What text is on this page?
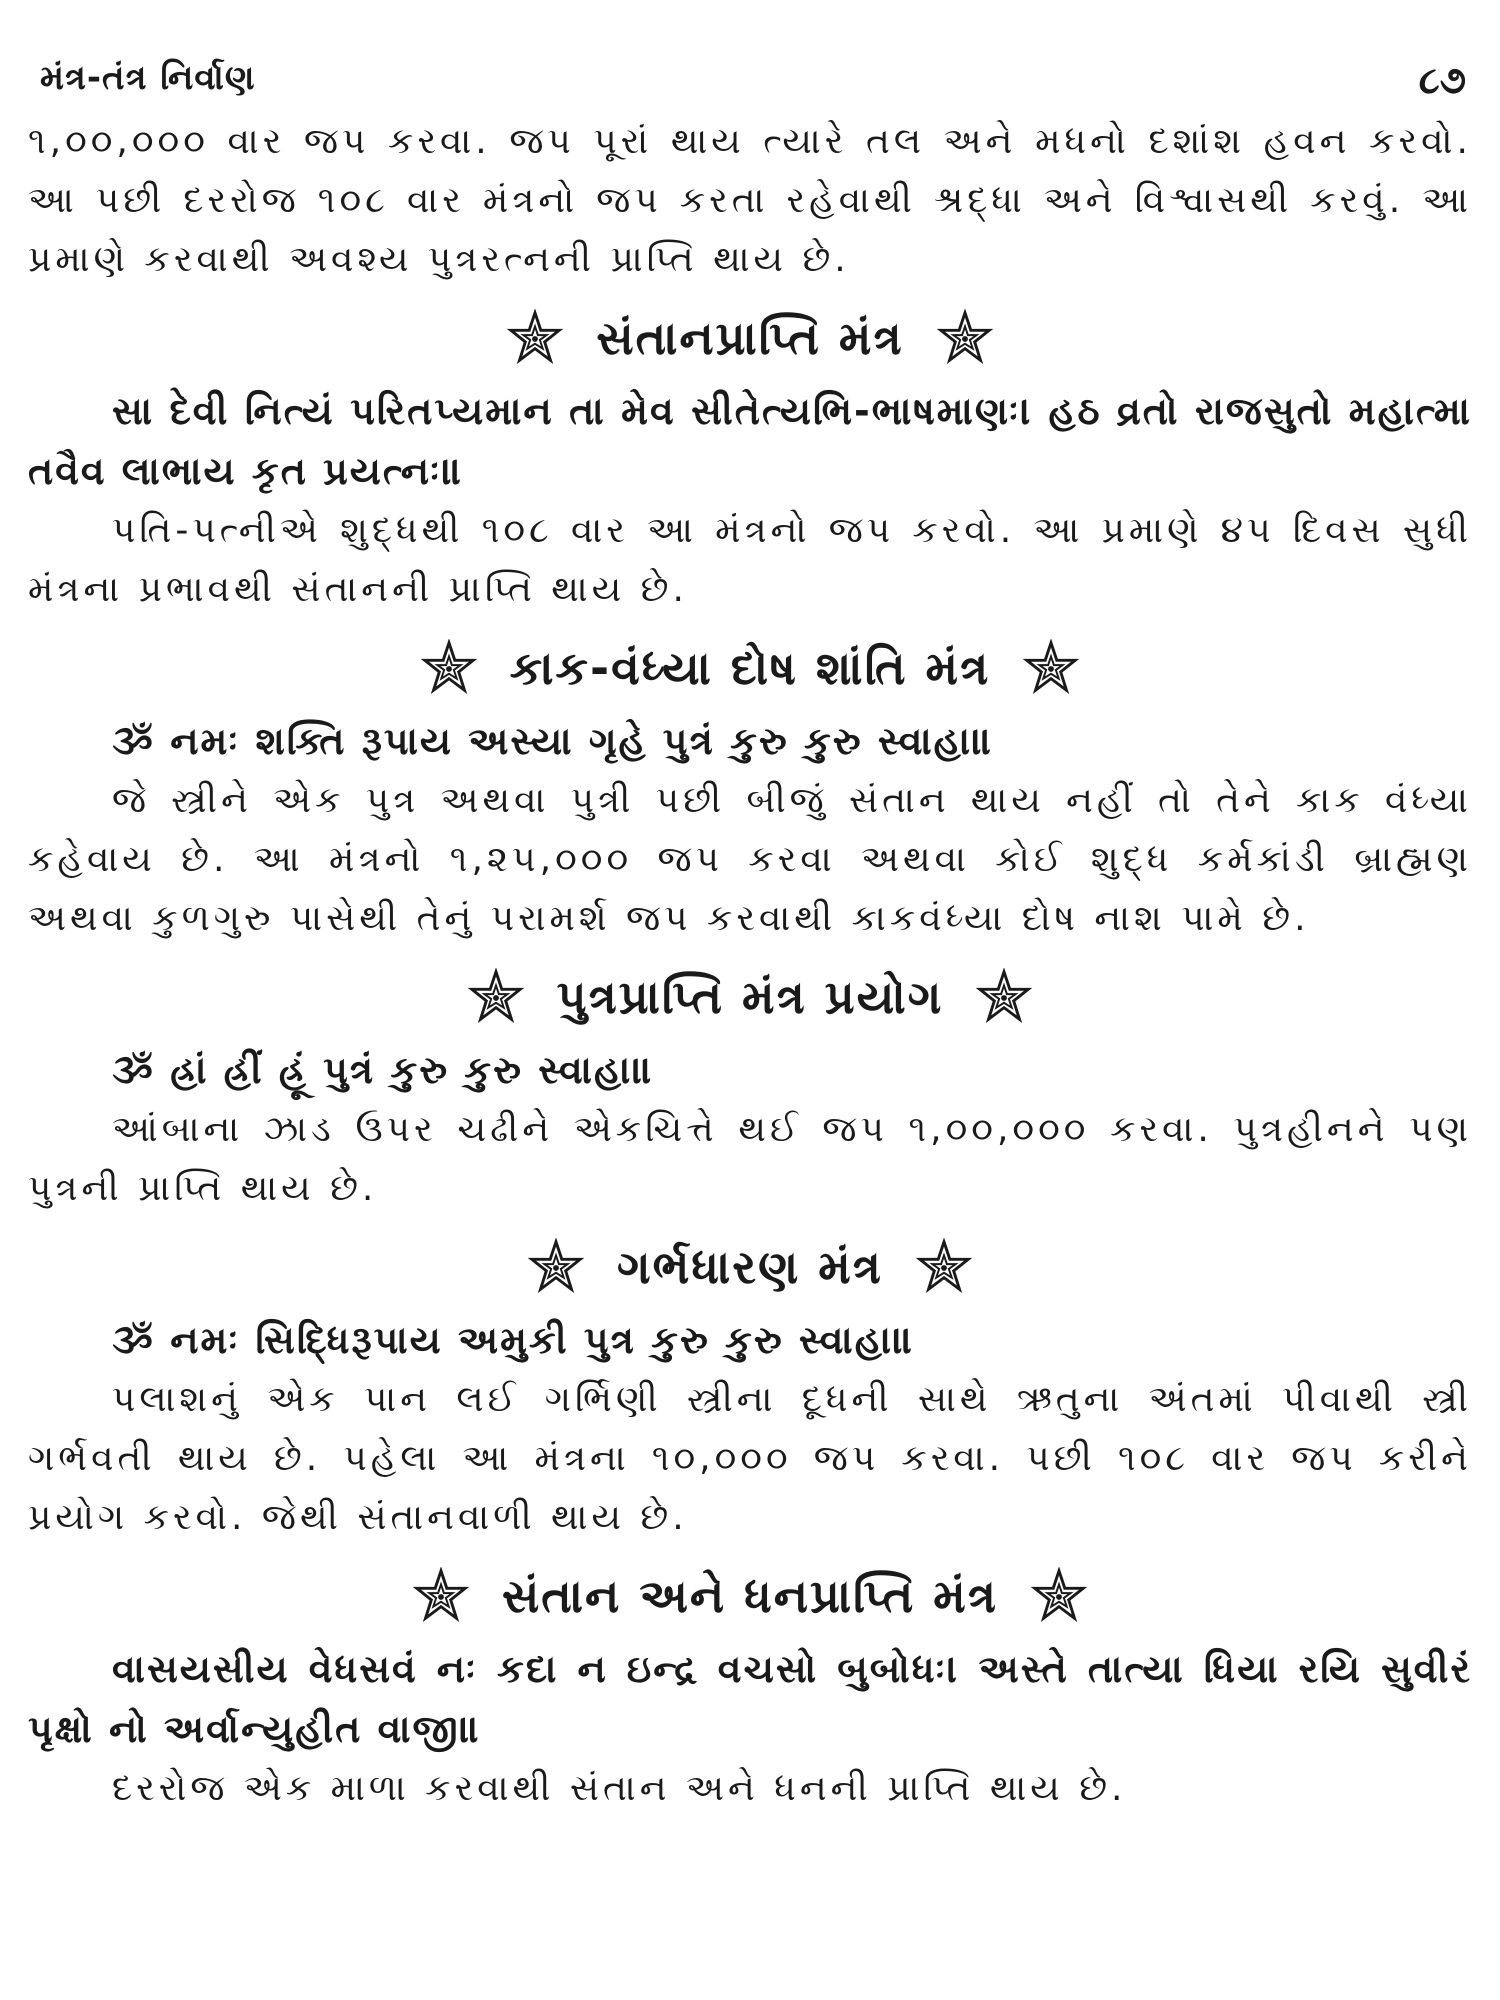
મંત્ર-તંત્ર નિર્વાણ	૮૭

૧,૦૦,૦૦૦ વાર જપ કરવા. જપ પૂરાં થાય ત્યારે તલ અને મધનો દશાંશ હવન કરવો. આ પછી દરરોજ ૧૦૮ વાર મંત્રનો જપ કરતા રહેવાથી શ્રદ્ધા અને વિશ્વાસથી કરવું. આ પ્રમાણે કરવાથી અવશ્ય પુત્રરત્નની પ્રાપ્તિ થાય છે.

સંતાનપ્રાપ્તિ મંત્ર

સા દેવી નિત્યં પરિતપ્યમાન તા મેવ સીતેત્યભિ-ભાષમાણઃ। હઠ વ્રતો રાજસુતો મહાત્મા તવૈવ લાભાય કૃત પ્રયત્નઃ॥

પતિ-પત્નીએ શુદ્ધથી ૧૦૮ વાર આ મંત્રનો જપ કરવો. આ પ્રમાણે ૪૫ દિવસ સુધી મંત્રના પ્રભાવથી સંતાનની પ્રાપ્તિ થાય છે.

કાક-વંધ્યા દોષ શાંતિ મંત્ર

ૐ નમઃ શક્તિ રૂપાય અસ્યા ગૃહે પુત્રં કુરુ કુરુ સ્વાહા॥

જે સ્ત્રીને એક પુત્ર અથવા પુત્રી પછી બીજું સંતાન થાય નહીં તો તેને કાક વંધ્યા કહેવાય છે. આ મંત્રનો ૧,૨૫,૦૦૦ જપ કરવા અથવા કોઈ શુદ્ધ કર્મકાંડી બ્રાહ્મણ અથવા કુળગુરુ પાસેથી તેનું પરામર્શ જપ કરવાથી કાકવંધ્યા દોષ નાશ પામે છે.

પુત્રપ્રાપ્તિ મંત્ર પ્રયોગ

ૐ હ્રાં હ્રીં હ્રૂં પુત્રં કુરુ કુરુ સ્વાહા॥

આંબાના ઝાડ ઉપર ચઢીને એકચિત્તે થઈ જપ ૧,૦૦,૦૦૦ કરવા. પુત્રહીનને પણ પુત્રની પ્રાપ્તિ થાય છે.

ગર્ભધારણ મંત્ર

ૐ નમઃ સિદ્ધિરૂપાય અમુકી પુત્ર કુરુ કુરુ સ્વાહા॥

પલાશનું એક પાન લઈ ગર્ભિણી સ્ત્રીના દૂધની સાથે ઋતુના અંતમાં પીવાથી સ્ત્રી ગર્ભવતી થાય છે. પહેલા આ મંત્રના ૧૦,૦૦૦ જપ કરવા. પછી ૧૦૮ વાર જપ કરીને પ્રયોગ કરવો. જેથી સંતાનવાળી થાય છે.

સંતાન અને ધનપ્રાપ્તિ મંત્ર

વાસયસીય વેધસવં નઃ કદા ન ઇન્દ્ર વચસો બુબોધઃ। અસ્તે તાત્યા ધિયા રયિ સુવીરં પૃક્ષો નો અર્વાન્યુહીત વાજી॥

દરરોજ એક માળા કરવાથી સંતાન અને ધનની પ્રાપ્તિ થાય છે.
